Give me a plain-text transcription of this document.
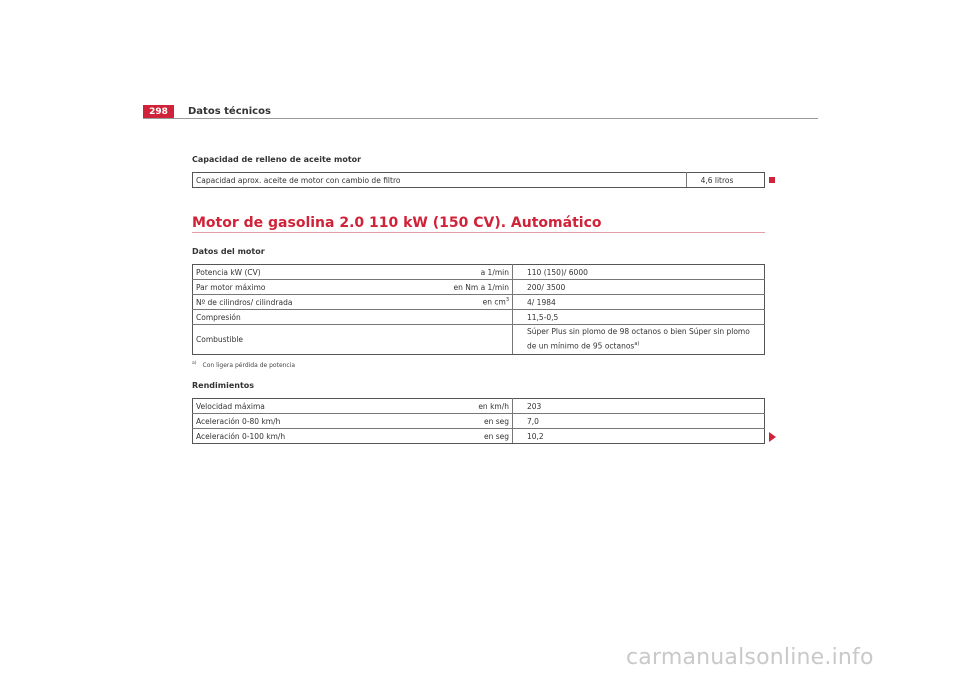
298	Datos técnicos
Capacidad de relleno de aceite motor
Capacidad aprox. aceite de motor con cambio de filtro	4,6 litros
Motor de gasolina 2.0 110 kW (150 CV). Automático
Datos del motor
Potencia kW (CV)	a 1/min	110 (150)/ 6000
Par motor máximo	en Nm a 1/min	200/ 3500
Nº de cilindros/ cilindrada	en $cm^3$	4/ 1984
Compresión		11,5-0,5
Combustible		Súper Plus sin plomo de 98 octanos o bien Súper sin plomo de un mínimo de 95 octanos$^{a)}$
$^{a)}$ Con ligera pérdida de potencia
Rendimientos
Velocidad máxima	en km/h	203
Aceleración 0-80 km/h	en seg	7,0
Aceleración 0-100 km/h	en seg	10,2
carmanualsonline.info
